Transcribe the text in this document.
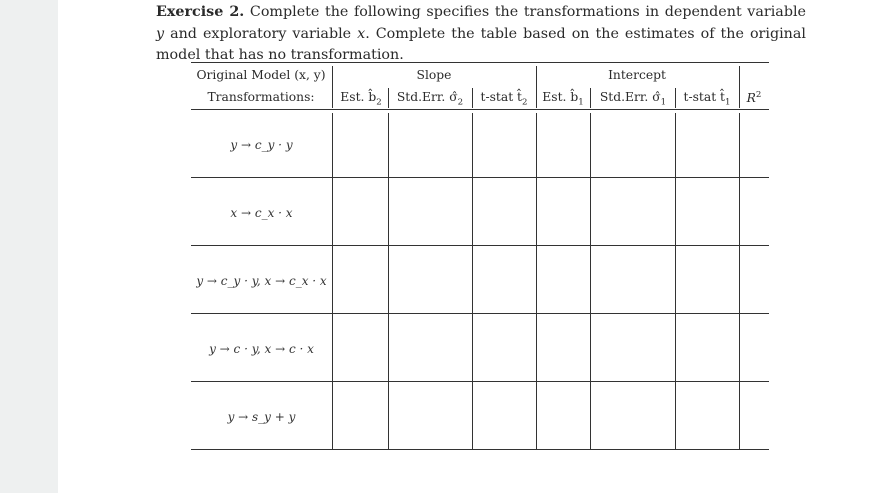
Exercise 2. Complete the following specifies the transformations in dependent variable y and exploratory variable x. Complete the table based on the estimates of the original model that has no transformation.
Original Model (x, y)
Transformations:
Slope	Intercept
Est. $b̂_2$ Std.Err. $\sigmâ_2$ t-stat $t̂_2$ Est. $b̂_1$ Std.Err. $\sigmâ_1$ t-stat $t̂_1$ $R^2$
y → c_y · y
x → c_x · x
y → c_y · y, x → c_x · x
y → c · y, x → c · x
y → s_y + y
